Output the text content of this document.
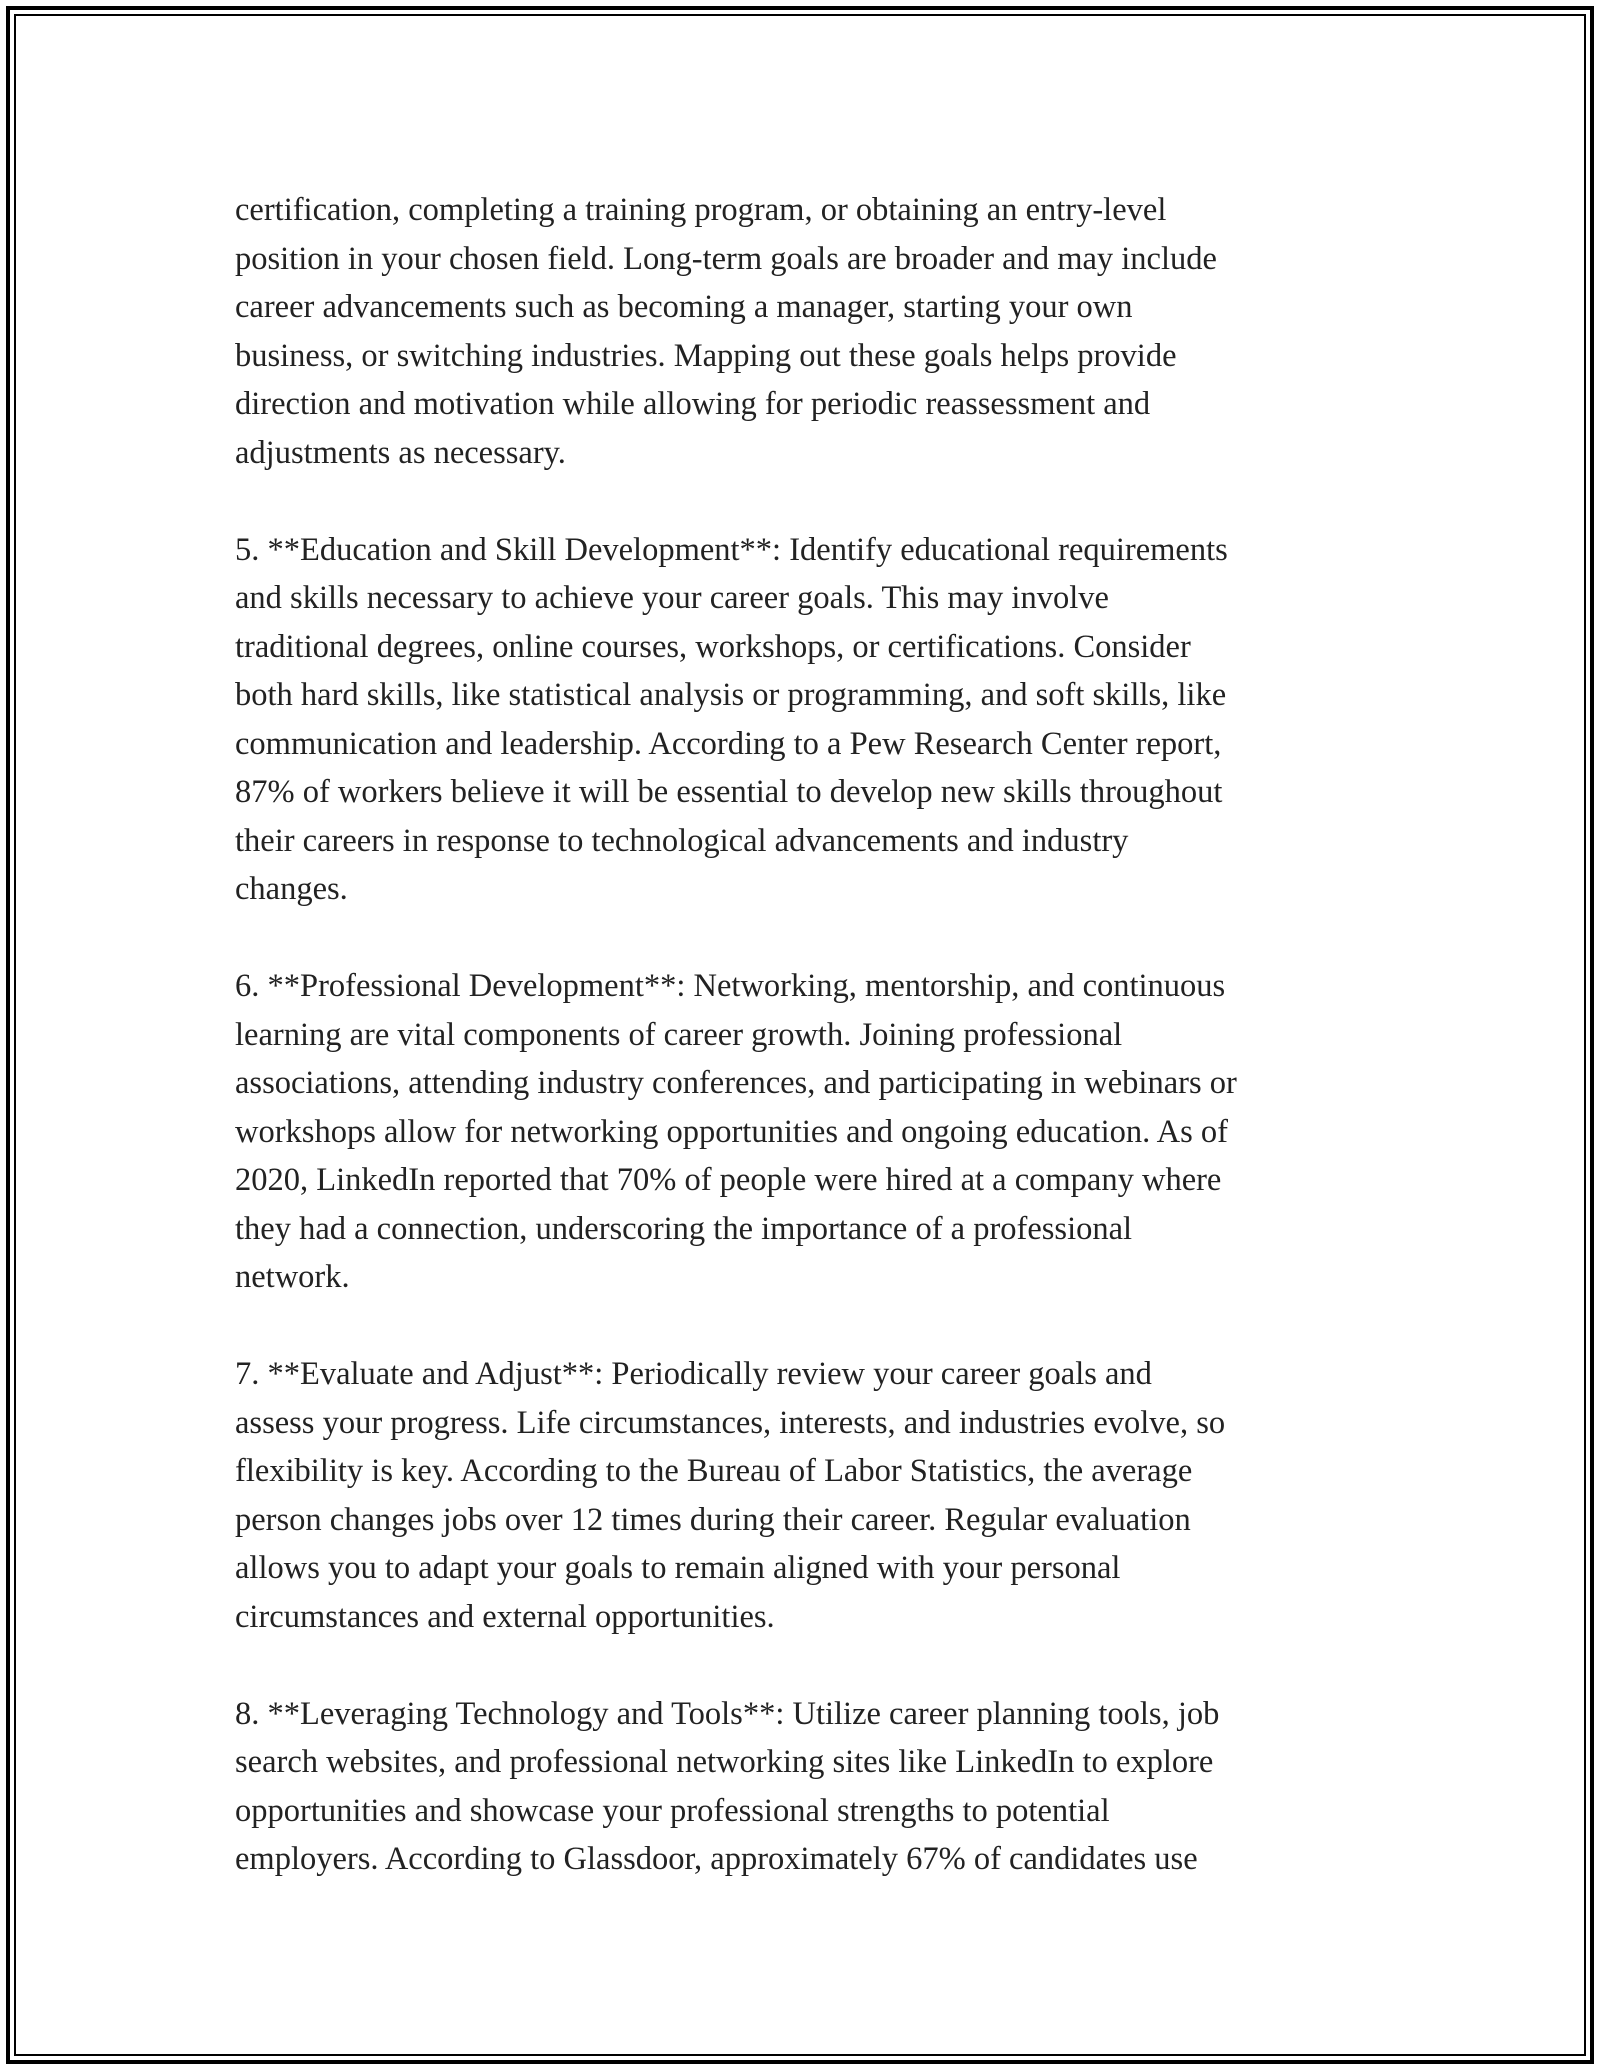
certification, completing a training program, or obtaining an entry-level
position in your chosen field. Long-term goals are broader and may include
career advancements such as becoming a manager, starting your own
business, or switching industries. Mapping out these goals helps provide
direction and motivation while allowing for periodic reassessment and
adjustments as necessary.

5. **Education and Skill Development**: Identify educational requirements
and skills necessary to achieve your career goals. This may involve
traditional degrees, online courses, workshops, or certifications. Consider
both hard skills, like statistical analysis or programming, and soft skills, like
communication and leadership. According to a Pew Research Center report,
87% of workers believe it will be essential to develop new skills throughout
their careers in response to technological advancements and industry
changes.

6. **Professional Development**: Networking, mentorship, and continuous
learning are vital components of career growth. Joining professional
associations, attending industry conferences, and participating in webinars or
workshops allow for networking opportunities and ongoing education. As of
2020, LinkedIn reported that 70% of people were hired at a company where
they had a connection, underscoring the importance of a professional
network.

7. **Evaluate and Adjust**: Periodically review your career goals and
assess your progress. Life circumstances, interests, and industries evolve, so
flexibility is key. According to the Bureau of Labor Statistics, the average
person changes jobs over 12 times during their career. Regular evaluation
allows you to adapt your goals to remain aligned with your personal
circumstances and external opportunities.

8. **Leveraging Technology and Tools**: Utilize career planning tools, job
search websites, and professional networking sites like LinkedIn to explore
opportunities and showcase your professional strengths to potential
employers. According to Glassdoor, approximately 67% of candidates use
